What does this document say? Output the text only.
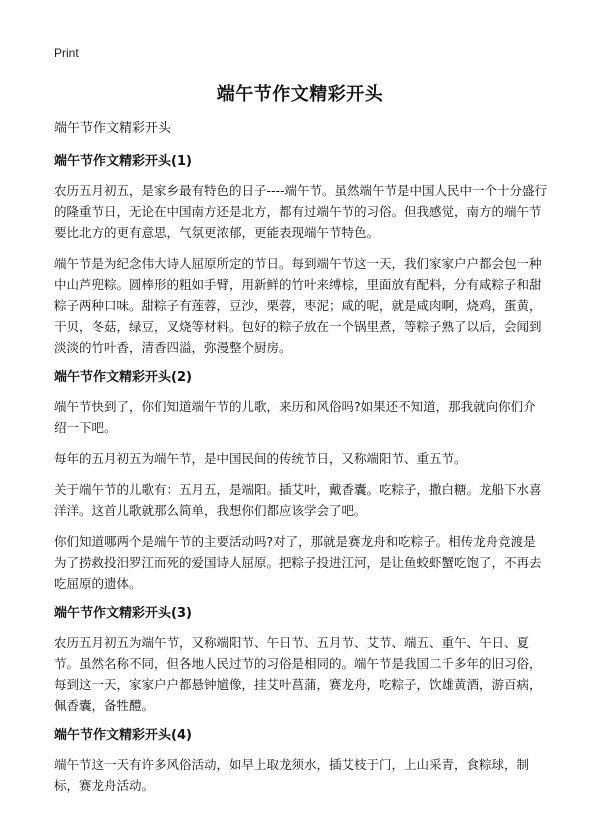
Print
端午节作文精彩开头
端午节作文精彩开头
端午节作文精彩开头(1)

农历五月初五，是家乡最有特色的日子----端午节。虽然端午节是中国人民中一个十分盛行的隆重节日，无论在中国南方还是北方，都有过端午节的习俗。但我感觉，南方的端午节要比北方的更有意思，气氛更浓郁，更能表现端午节特色。

端午节是为纪念伟大诗人屈原所定的节日。每到端午节这一天，我们家家户户都会包一种中山芦兜粽。圆棒形的粗如手臂，用新鲜的竹叶来缚棕，里面放有配料，分有咸粽子和甜粽子两种口味。甜粽子有莲蓉，豆沙，栗蓉，枣泥；咸的呢，就是咸肉啊，烧鸡，蛋黄，干贝，冬菇，绿豆，叉烧等材料。包好的粽子放在一个锅里煮，等粽子熟了以后，会闻到淡淡的竹叶香，清香四溢，弥漫整个厨房。

端午节作文精彩开头(2)

端午节快到了，你们知道端午节的儿歌，来历和风俗吗?如果还不知道，那我就向你们介绍一下吧。

每年的五月初五为端午节，是中国民间的传统节日，又称端阳节、重五节。

关于端午节的儿歌有：五月五，是端阳。插艾叶，戴香囊。吃粽子，撒白糖。龙船下水喜洋洋。这首儿歌就那么简单，我想你们都应该学会了吧。

你们知道哪两个是端午节的主要活动吗?对了，那就是赛龙舟和吃粽子。相传龙舟竞渡是为了捞救投汨罗江而死的爱国诗人屈原。把粽子投进江河，是让鱼蛟虾蟹吃饱了，不再去吃屈原的遗体。

端午节作文精彩开头(3)

农历五月初五为端午节，又称端阳节、午日节、五月节、艾节、端五、重午、午日、夏节。虽然名称不同，但各地人民过节的习俗是相同的。端午节是我国二千多年的旧习俗，每到这一天，家家户户都悬钟馗像，挂艾叶菖蒲，赛龙舟，吃粽子，饮雄黄酒，游百病，佩香囊，备牲醴。

端午节作文精彩开头(4)

端午节这一天有许多风俗活动，如早上取龙须水，插艾枝于门，上山采青，食粽球，制标，赛龙舟活动。
